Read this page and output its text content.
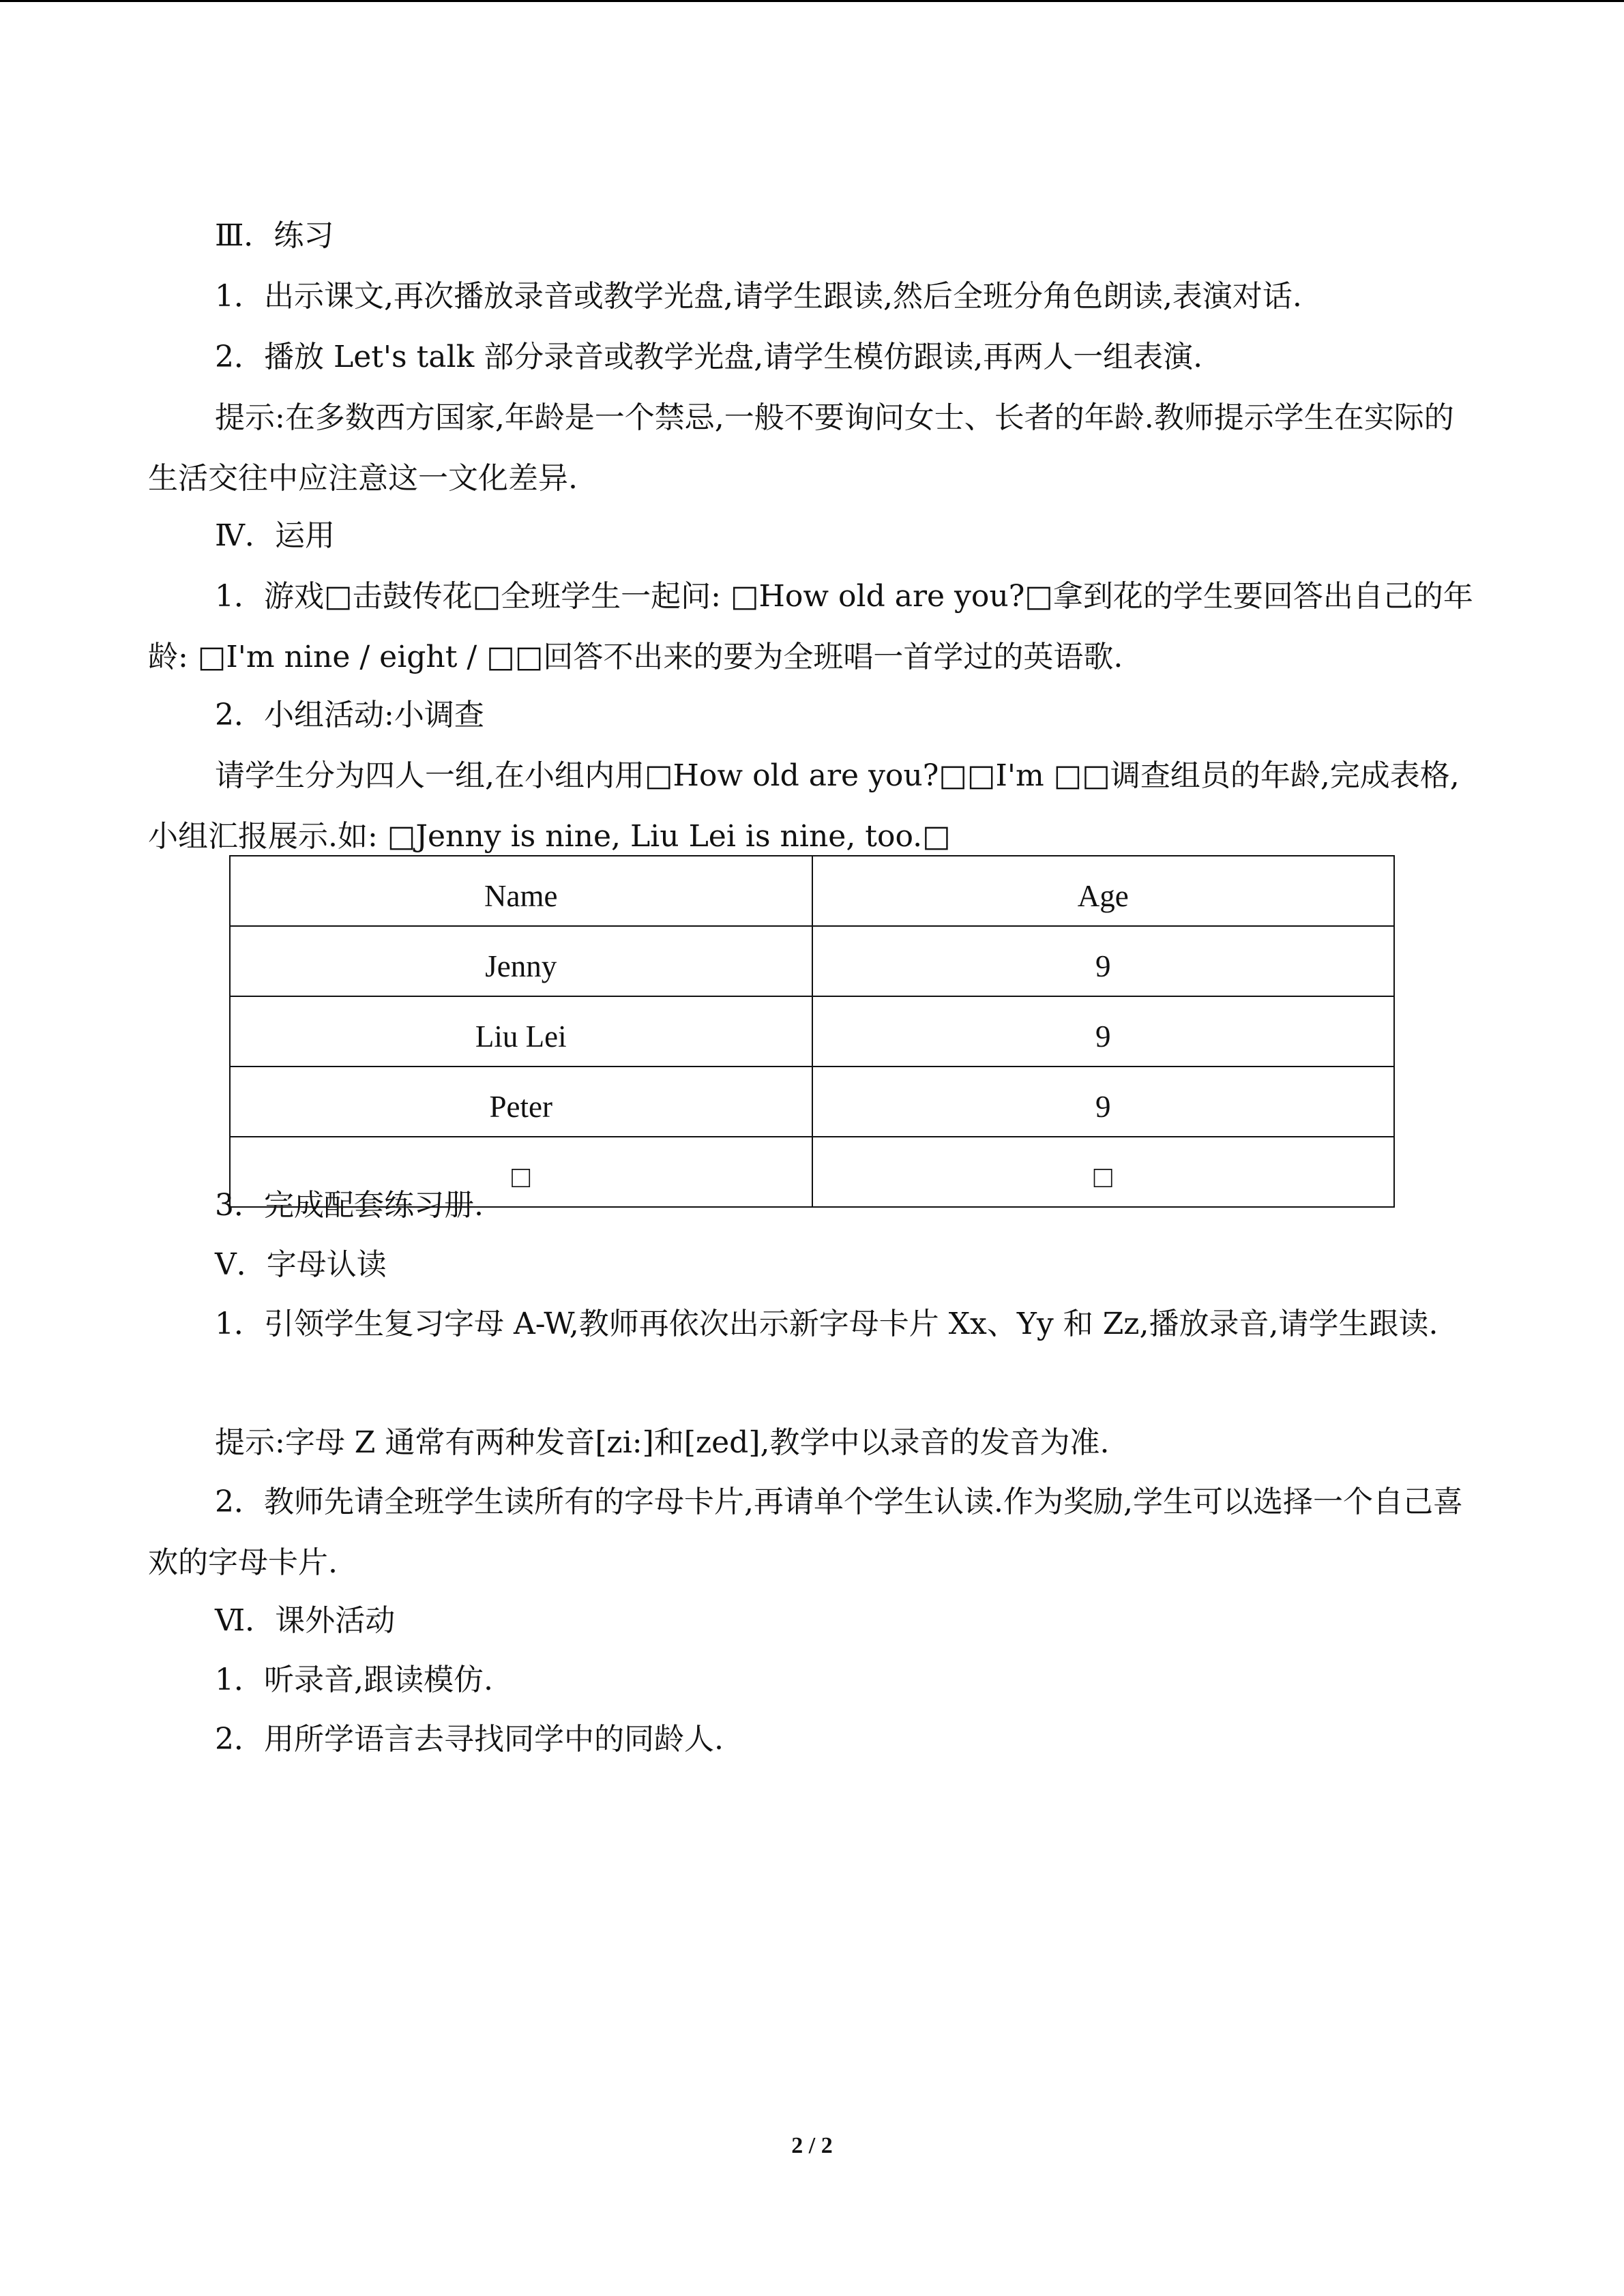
Ⅲ．练习

1．出示课文,再次播放录音或教学光盘,请学生跟读,然后全班分角色朗读,表演对话.

2．播放 Let's talk 部分录音或教学光盘,请学生模仿跟读,再两人一组表演.

提示:在多数西方国家,年龄是一个禁忌,一般不要询问女士、长者的年龄.教师提示学生在实际的生活交往中应注意这一文化差异.

Ⅳ．运用

1．游戏□击鼓传花□全班学生一起问: □How old are you?□拿到花的学生要回答出自己的年龄: □I'm nine / eight / □□回答不出来的要为全班唱一首学过的英语歌.

2．小组活动:小调查

请学生分为四人一组,在小组内用□How old are you?□□I'm □□调查组员的年龄,完成表格,小组汇报展示.如: □Jenny is nine, Liu Lei is nine, too.□

Name	Age
Jenny	9
Liu Lei	9
Peter	9
□	□

3．完成配套练习册.

Ⅴ．字母认读

1．引领学生复习字母 A-W,教师再依次出示新字母卡片 Xx、Yy 和 Zz,播放录音,请学生跟读.

提示:字母 Z 通常有两种发音[zi:]和[zed],教学中以录音的发音为准.

2．教师先请全班学生读所有的字母卡片,再请单个学生认读.作为奖励,学生可以选择一个自己喜欢的字母卡片.

Ⅵ．课外活动

1．听录音,跟读模仿.

2．用所学语言去寻找同学中的同龄人.

2 / 2
